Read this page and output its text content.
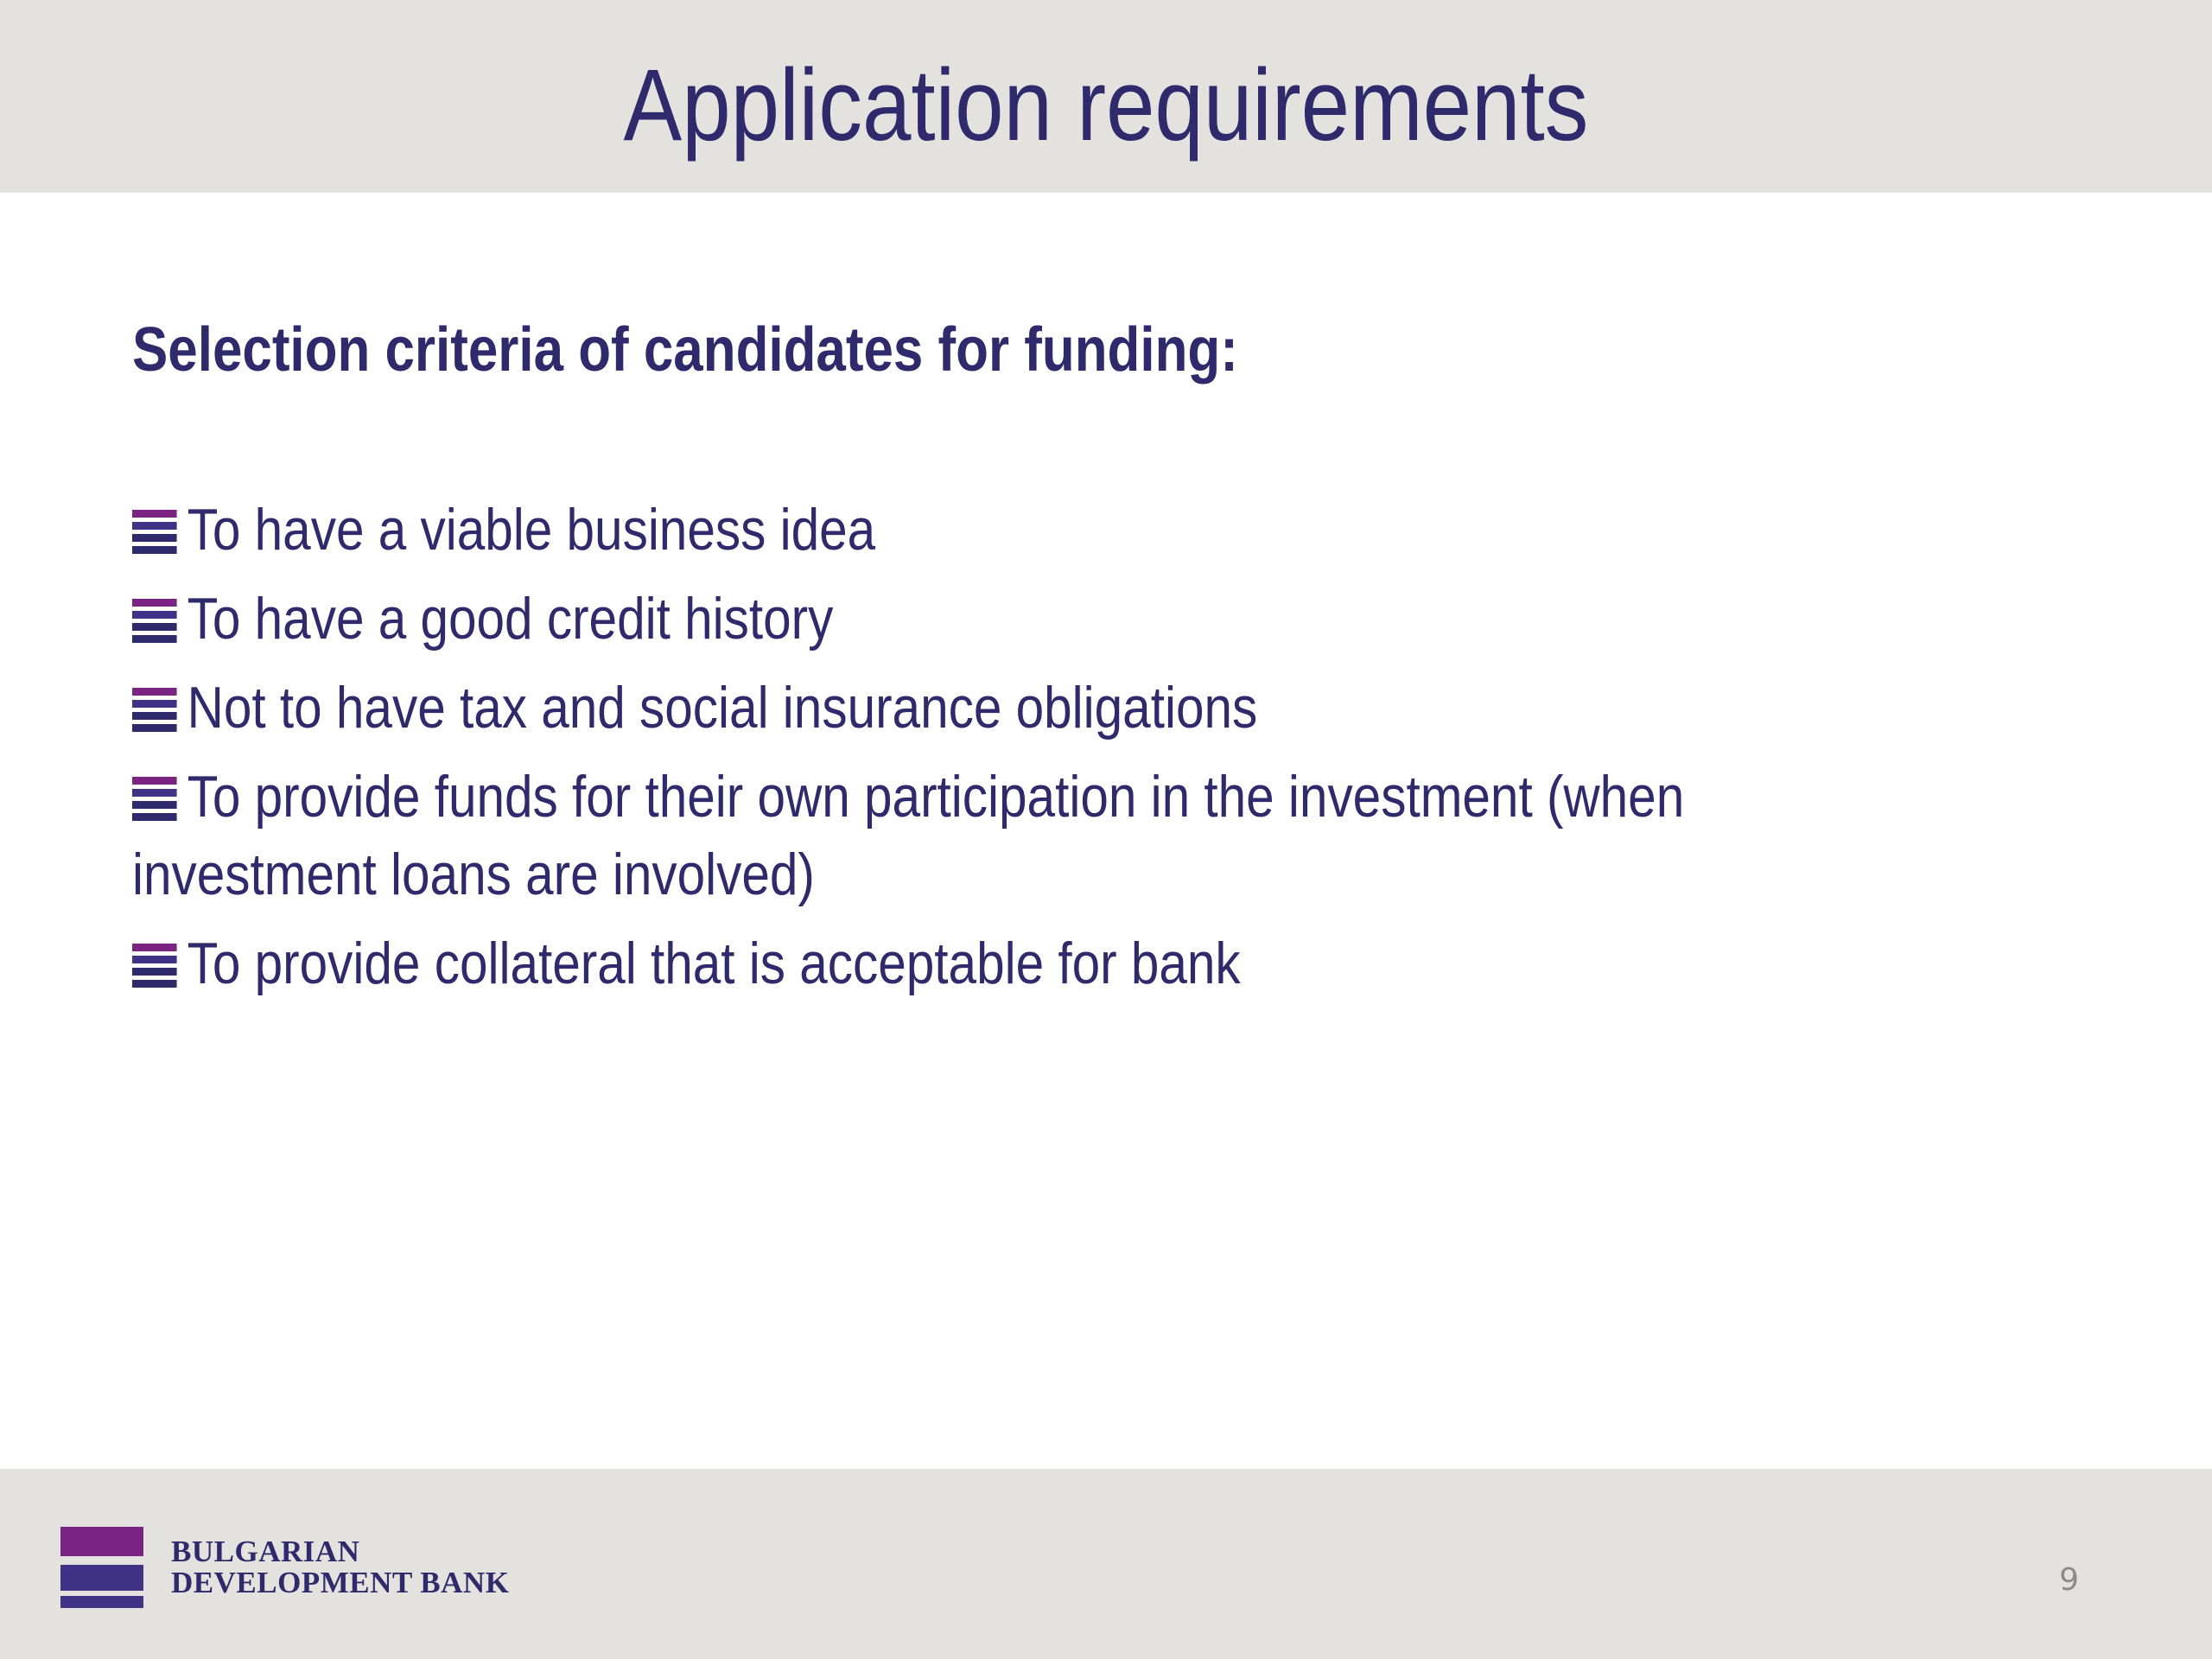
Application requirements
Selection criteria of candidates for funding:
To have a viable business idea
To have a good credit history
Not to have tax and social insurance obligations
To provide funds for their own participation in the investment (when investment loans are involved)
To provide collateral that is acceptable for bank
BULGARIAN
DEVELOPMENT BANK	9
